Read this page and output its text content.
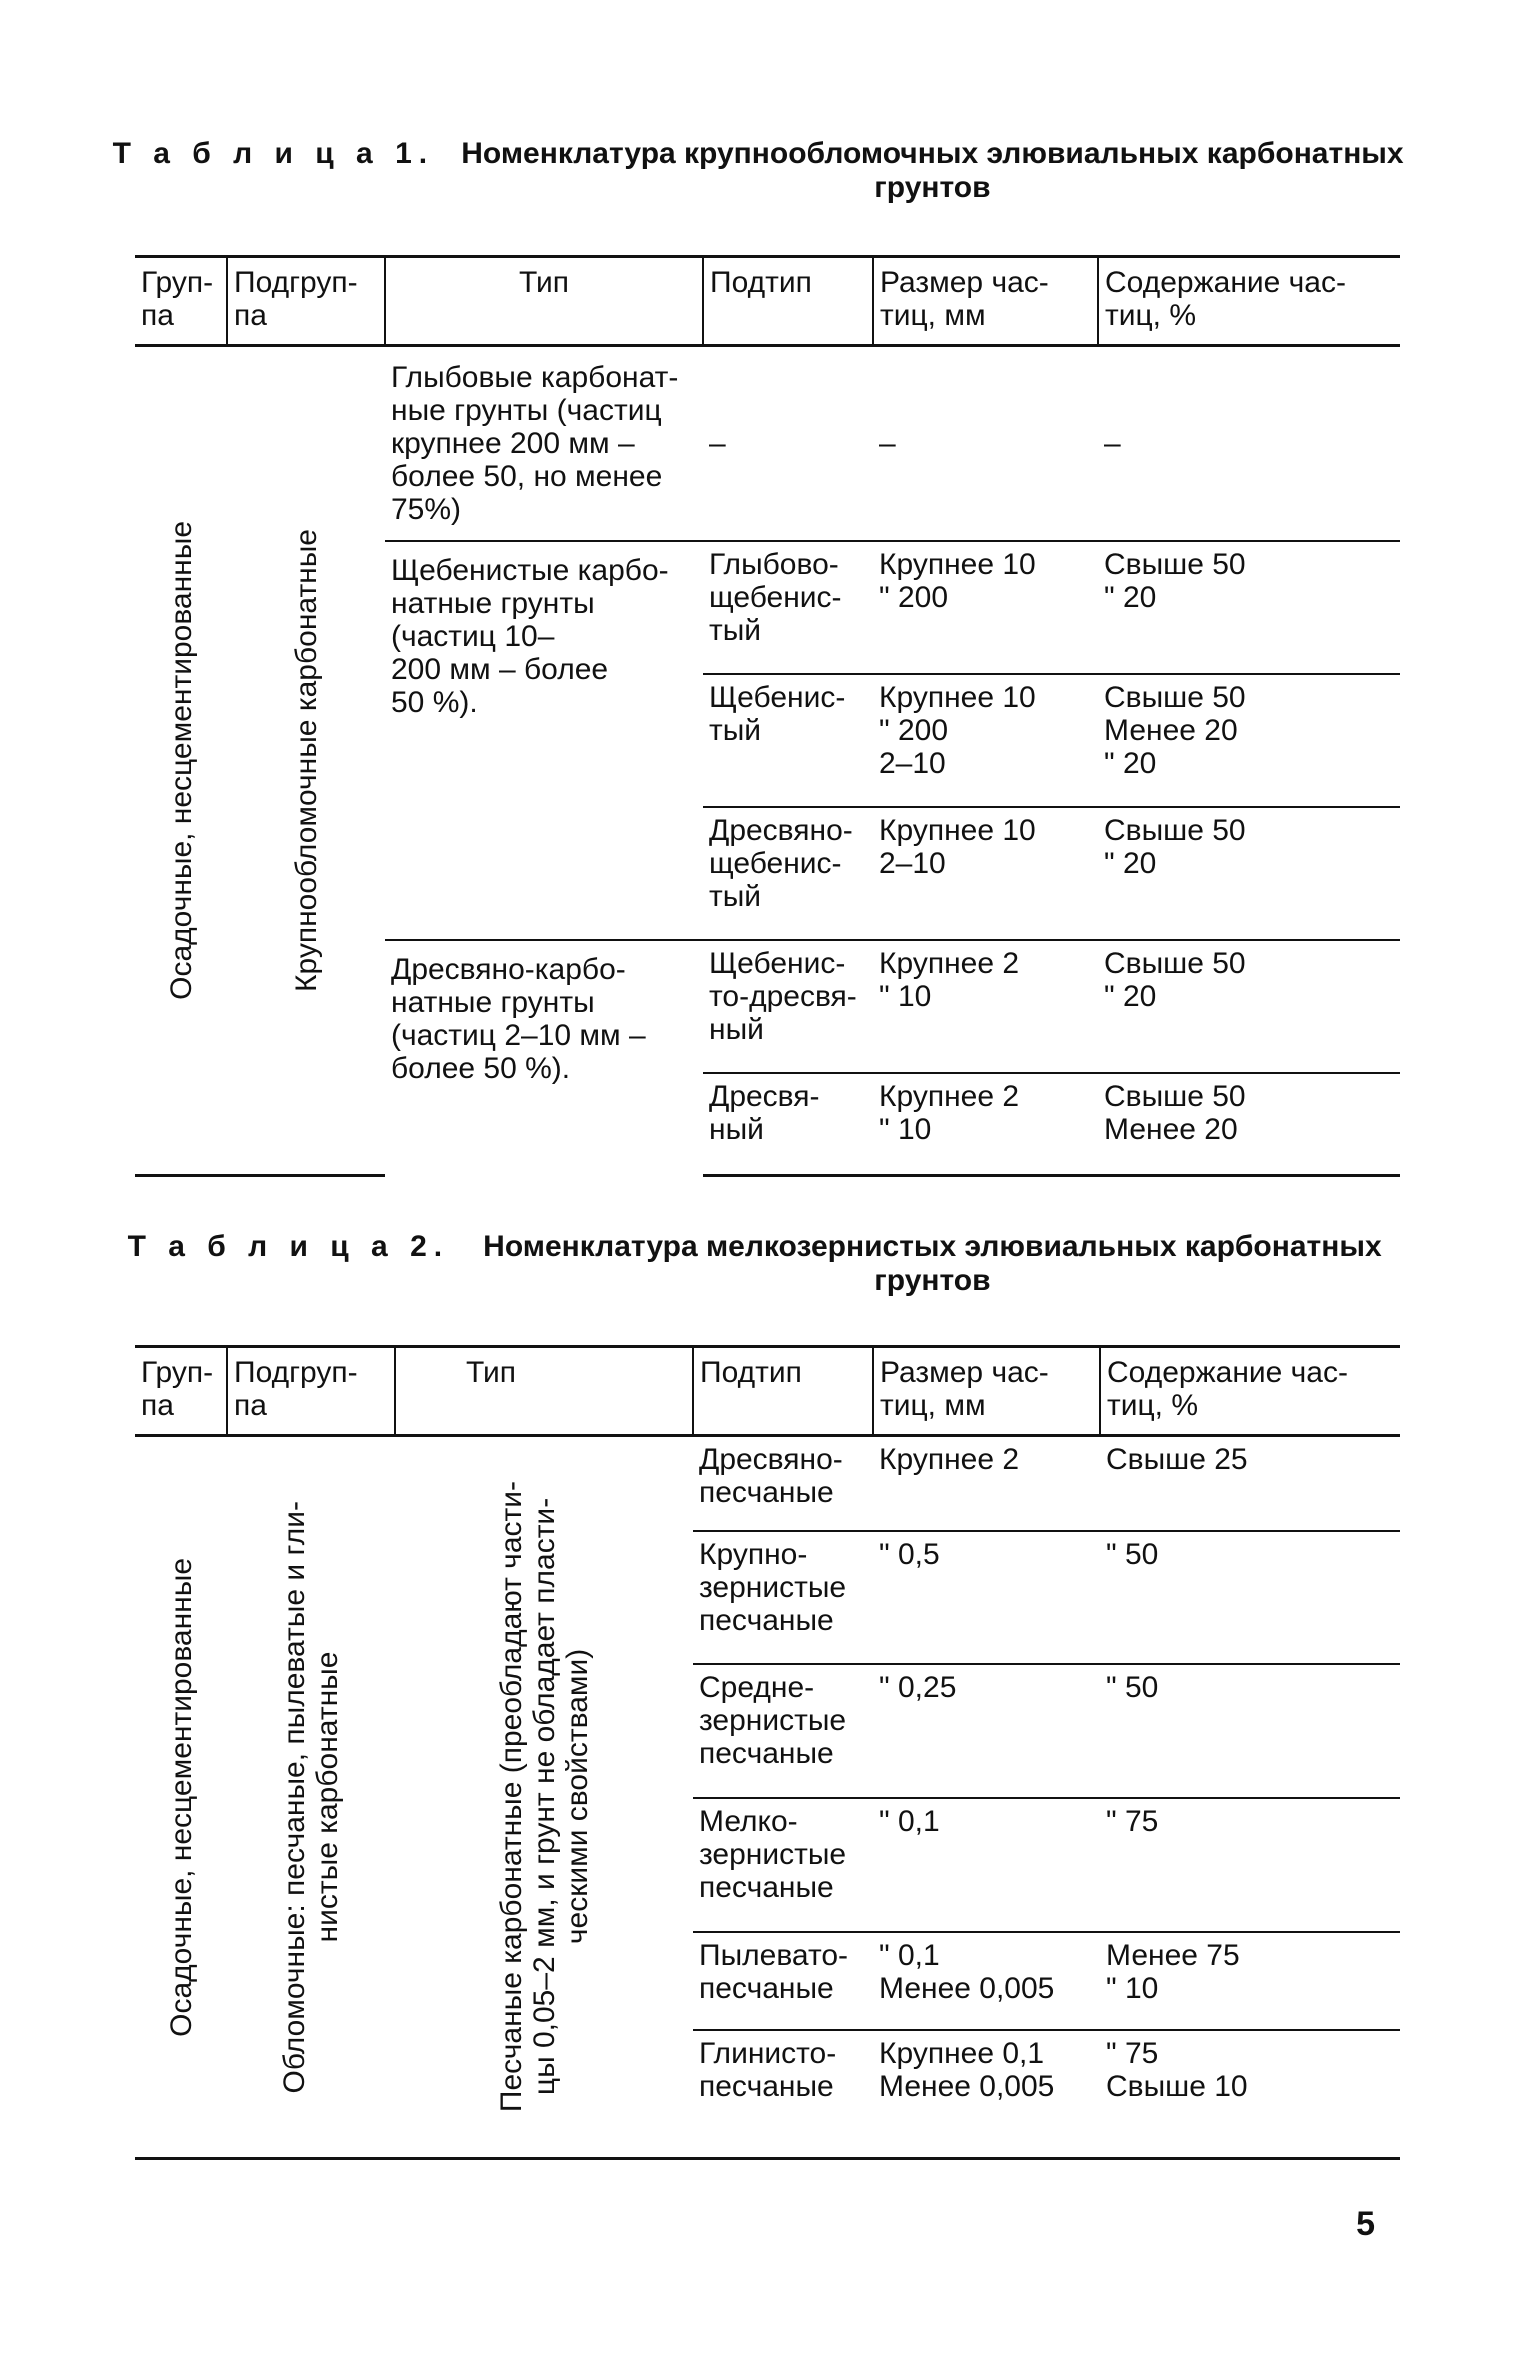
Т а б л и ц а 1. Номенклатура крупнообломочных элювиальных карбонатных грунтов
Груп-
па	Подгруп-
па	Тип	Подтип	Размер час-
тиц, мм	Содержание час-
тиц, %

Осадочные, несцементированные	Крупнообломочные карбонатные	Глыбовые карбонат-
ные грунты (частиц
крупнее 200 мм –
более 50, но менее
75%)	–	–	–
		Щебенистые карбо-
натные грунты
(частиц 10–
200 мм – более
50 %).	Глыбово-
щебенис-
тый	Крупнее 10
" 200	Свыше 50
" 20
			Щебенис-
тый	Крупнее 10
" 200
2–10	Свыше 50
Менее 20
" 20
			Дресвяно-
щебенис-
тый	Крупнее 10
2–10	Свыше 50
" 20
		Дресвяно-карбо-
натные грунты
(частиц 2–10 мм –
более 50 %).	Щебенис-
то-дресвя-
ный	Крупнее 2
" 10	Свыше 50
" 20
			Дресвя-
ный	Крупнее 2
" 10	Свыше 50
Менее 20
Т а б л и ц а 2. Номенклатура мелкозернистых элювиальных карбонатных грунтов
Груп-
па	Подгруп-
па	Тип	Подтип	Размер час-
тиц, мм	Содержание час-
тиц, %

Осадочные, несцементированные	Обломочные: песчаные, пылеватые и гли-
нистые карбонатные	Песчаные карбонатные (преобладают части-
цы 0,05–2 мм, и грунт не обладает пласти-
ческими свойствами)	Дресвяно-
песчаные	Крупнее 2	Свыше 25
			Крупно-
зернистые
песчаные	" 0,5	" 50
			Средне-
зернистые
песчаные	" 0,25	" 50
			Мелко-
зернистые
песчаные	" 0,1	" 75
			Пылевато-
песчаные	" 0,1
Менее 0,005	Менее 75
" 10
			Глинисто-
песчаные	Крупнее 0,1
Менее 0,005	" 75
Свыше 10
5
